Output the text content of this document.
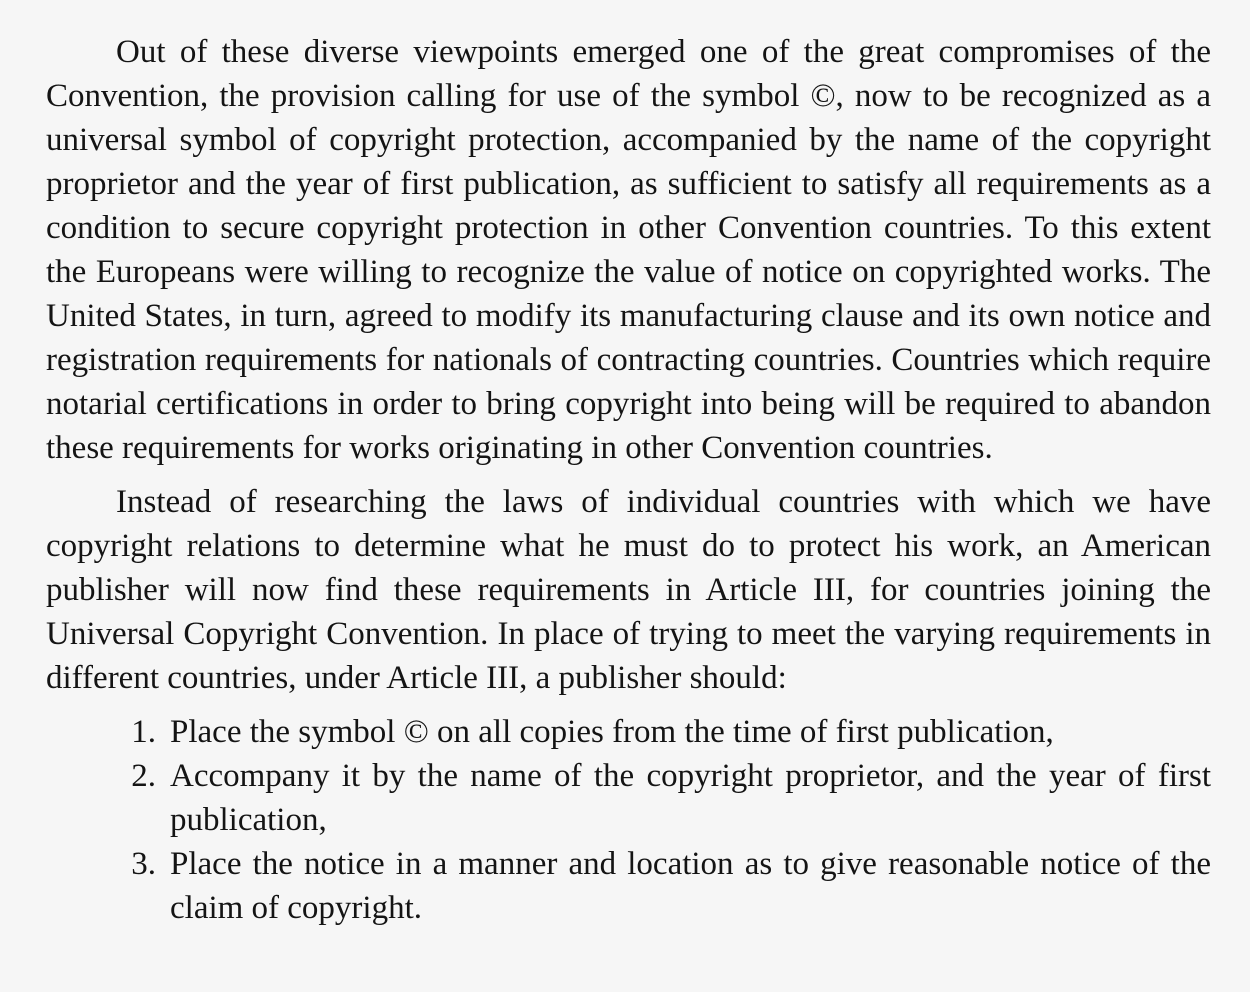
Out of these diverse viewpoints emerged one of the great compromises of the Convention, the provision calling for use of the symbol ©, now to be recognized as a universal symbol of copyright protection, accompanied by the name of the copyright proprietor and the year of first publication, as sufficient to satisfy all requirements as a condition to secure copyright protection in other Convention countries. To this extent the Europeans were willing to recognize the value of notice on copyrighted works. The United States, in turn, agreed to modify its manufacturing clause and its own notice and registration requirements for nationals of contracting countries. Countries which require notarial certifications in order to bring copyright into being will be required to abandon these requirements for works originating in other Convention countries.

Instead of researching the laws of individual countries with which we have copyright relations to determine what he must do to protect his work, an American publisher will now find these requirements in Article III, for countries joining the Universal Copyright Convention. In place of trying to meet the varying requirements in different countries, under Article III, a publisher should:

1. Place the symbol © on all copies from the time of first publication,
2. Accompany it by the name of the copyright proprietor, and the year of first publication,
3. Place the notice in a manner and location as to give reasonable notice of the claim of copyright.
